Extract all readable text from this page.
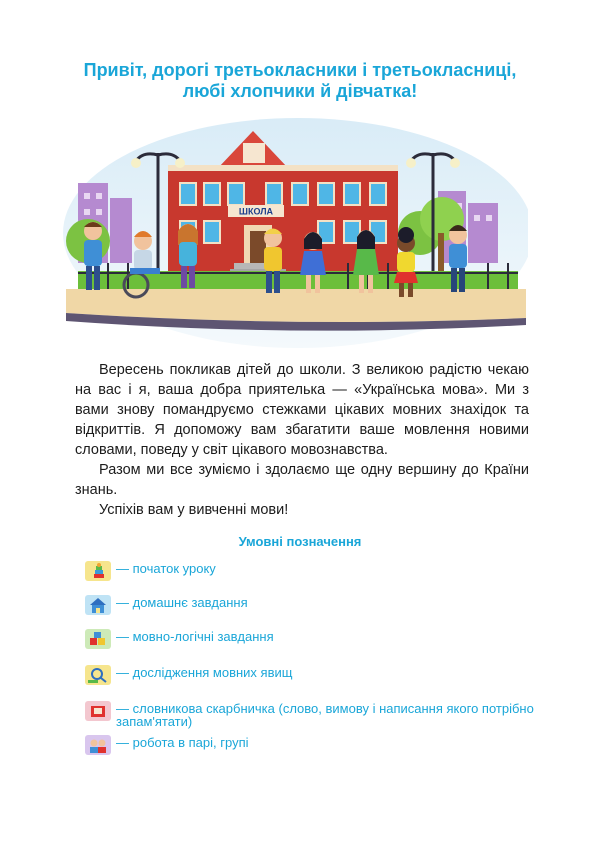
Привіт, дорогі третьокласники і третьокласниці,
любі хлопчики й дівчатка!
ШКОЛА

Вересень покликав дітей до школи. З великою радістю чекаю на вас і я, ваша добра приятелька — «Українська мова». Ми з вами знову помандруємо стежками цікавих мовних знахідок та відкриттів. Я допоможу вам збагатити ваше мовлення новими словами, поведу у світ цікавого мовознавства.

Разом ми все зуміємо і здолаємо ще одну вершину до Країни знань.

Успіхів вам у вивченні мови!

Умовні позначення
— початок уроку
— домашнє завдання
— мовно-логічні завдання
— дослідження мовних явищ
— словникова скарбничка (слово, вимову і написання якого потрібно запам'ятати)
— робота в парі, групі
